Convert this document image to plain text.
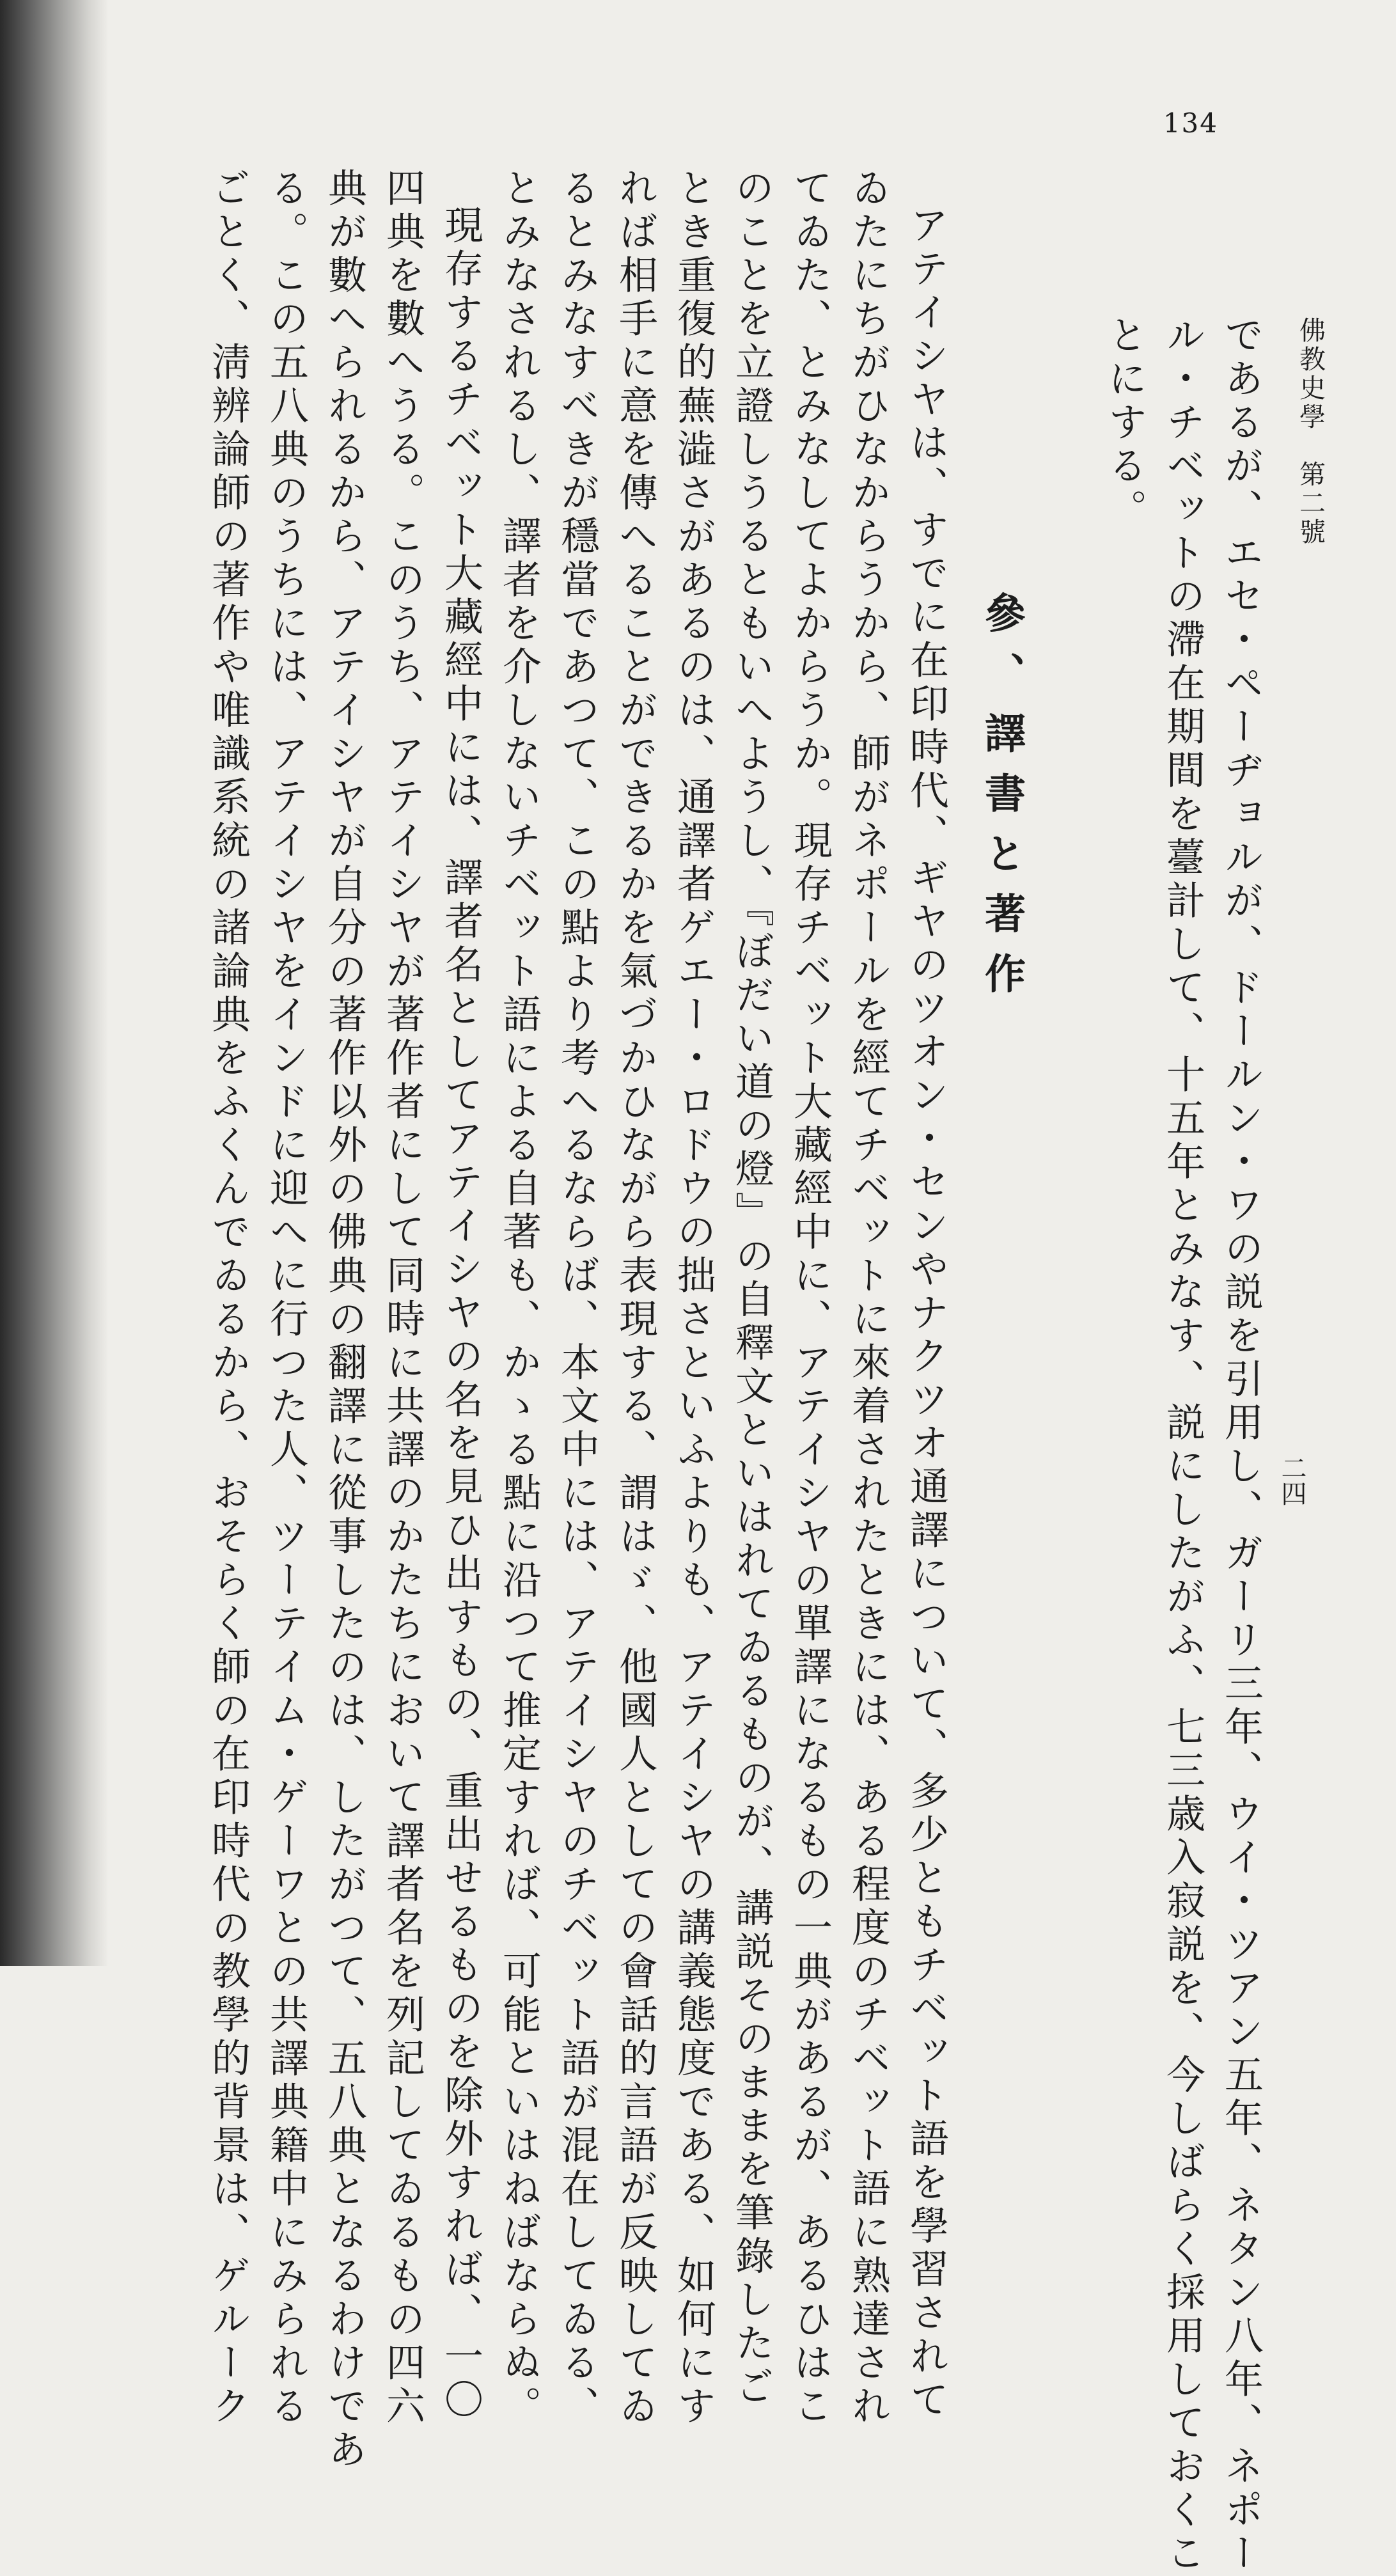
134
二四
佛教史學　第二號
であるが、エセ・ペーヂョルが、ドールン・ワの説を引用し、ガーリ三年、ウイ・ツアン五年、ネタン八年、ネポー
ル・チベットの滯在期間を薹計して、十五年とみなす、説にしたがふ、七三歳入寂説を、今しばらく採用しておくこ
とにする。
參、譯書と著作
アテイシヤは、すでに在印時代、ギヤのツオン・センやナクツオ通譯について、多少ともチベット語を學習されて
ゐたにちがひなからうから、師がネポールを經てチベットに來着されたときには、ある程度のチベット語に熟達され
てゐた、とみなしてよからうか。現存チベット大藏經中に、アテイシヤの單譯になるもの一典があるが、あるひはこ
のことを立證しうるともいへようし、『ぼだい道の燈』の自釋文といはれてゐるものが、講説そのままを筆錄したご
とき重復的蕪澁さがあるのは、通譯者ゲエー・ロドウの拙さといふよりも、アテイシヤの講義態度である、如何にす
れば相手に意を傳へることができるかを氣づかひながら表現する、謂はゞ、他國人としての會話的言語が反映してゐ
るとみなすべきが穩當であつて、この點より考へるならば、本文中には、アテイシヤのチベット語が混在してゐる、
とみなされるし、譯者を介しないチベット語による自著も、かゝる點に沿つて推定すれば、可能といはねばならぬ。
現存するチベット大藏經中には、譯者名としてアテイシヤの名を見ひ出すもの、重出せるものを除外すれば、一〇
四典を數へうる。このうち、アテイシヤが著作者にして同時に共譯のかたちにおいて譯者名を列記してゐるもの四六
典が數へられるから、アテイシヤが自分の著作以外の佛典の翻譯に從事したのは、したがつて、五八典となるわけであ
る。この五八典のうちには、アテイシヤをインドに迎へに行つた人、ツーテイム・ゲーワとの共譯典籍中にみられる
ごとく、淸辨論師の著作や唯識系統の諸論典をふくんでゐるから、おそらく師の在印時代の教學的背景は、ゲルーク
